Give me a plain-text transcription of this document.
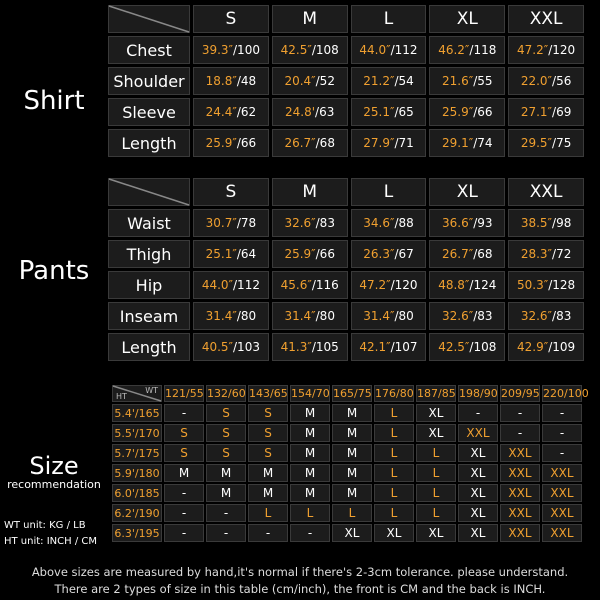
Shirt
Pants
Size
recommendation
WT unit: KG / LB
HT unit: INCH / CM
	S	M	L	XL	XXL
Chest	39.3″/100	42.5″/108	44.0″/112	46.2″/118	47.2″/120
Shoulder	18.8″/48	20.4″/52	21.2″/54	21.6″/55	22.0″/56
Sleeve	24.4″/62	24.8'/63	25.1″/65	25.9″/66	27.1″/69
Length	25.9″/66	26.7″/68	27.9″/71	29.1″/74	29.5″/75
	S	M	L	XL	XXL
Waist	30.7″/78	32.6″/83	34.6″/88	36.6″/93	38.5″/98
Thigh	25.1″/64	25.9″/66	26.3″/67	26.7″/68	28.3″/72
Hip	44.0″/112	45.6″/116	47.2″/120	48.8″/124	50.3″/128
Inseam	31.4″/80	31.4″/80	31.4″/80	32.6″/83	32.6″/83
Length	40.5″/103	41.3″/105	42.1″/107	42.5″/108	42.9″/109
WT
HT	121/55	132/60	143/65	154/70	165/75	176/80	187/85	198/90	209/95	220/100
5.4'/165	-	S	S	M	M	L	XL	-	-	-
5.5'/170	S	S	S	M	M	L	XL	XXL	-	-
5.7'/175	S	S	S	M	M	L	L	XL	XXL	-
5.9'/180	M	M	M	M	M	L	L	XL	XXL	XXL
6.0'/185	-	M	M	M	M	L	L	XL	XXL	XXL
6.2'/190	-	-	L	L	L	L	L	XL	XXL	XXL
6.3'/195	-	-	-	-	XL	XL	XL	XL	XXL	XXL
Above sizes are measured by hand,it's normal if there's 2-3cm tolerance. please understand.
There are 2 types of size in this table (cm/inch), the front is CM and the back is INCH.
